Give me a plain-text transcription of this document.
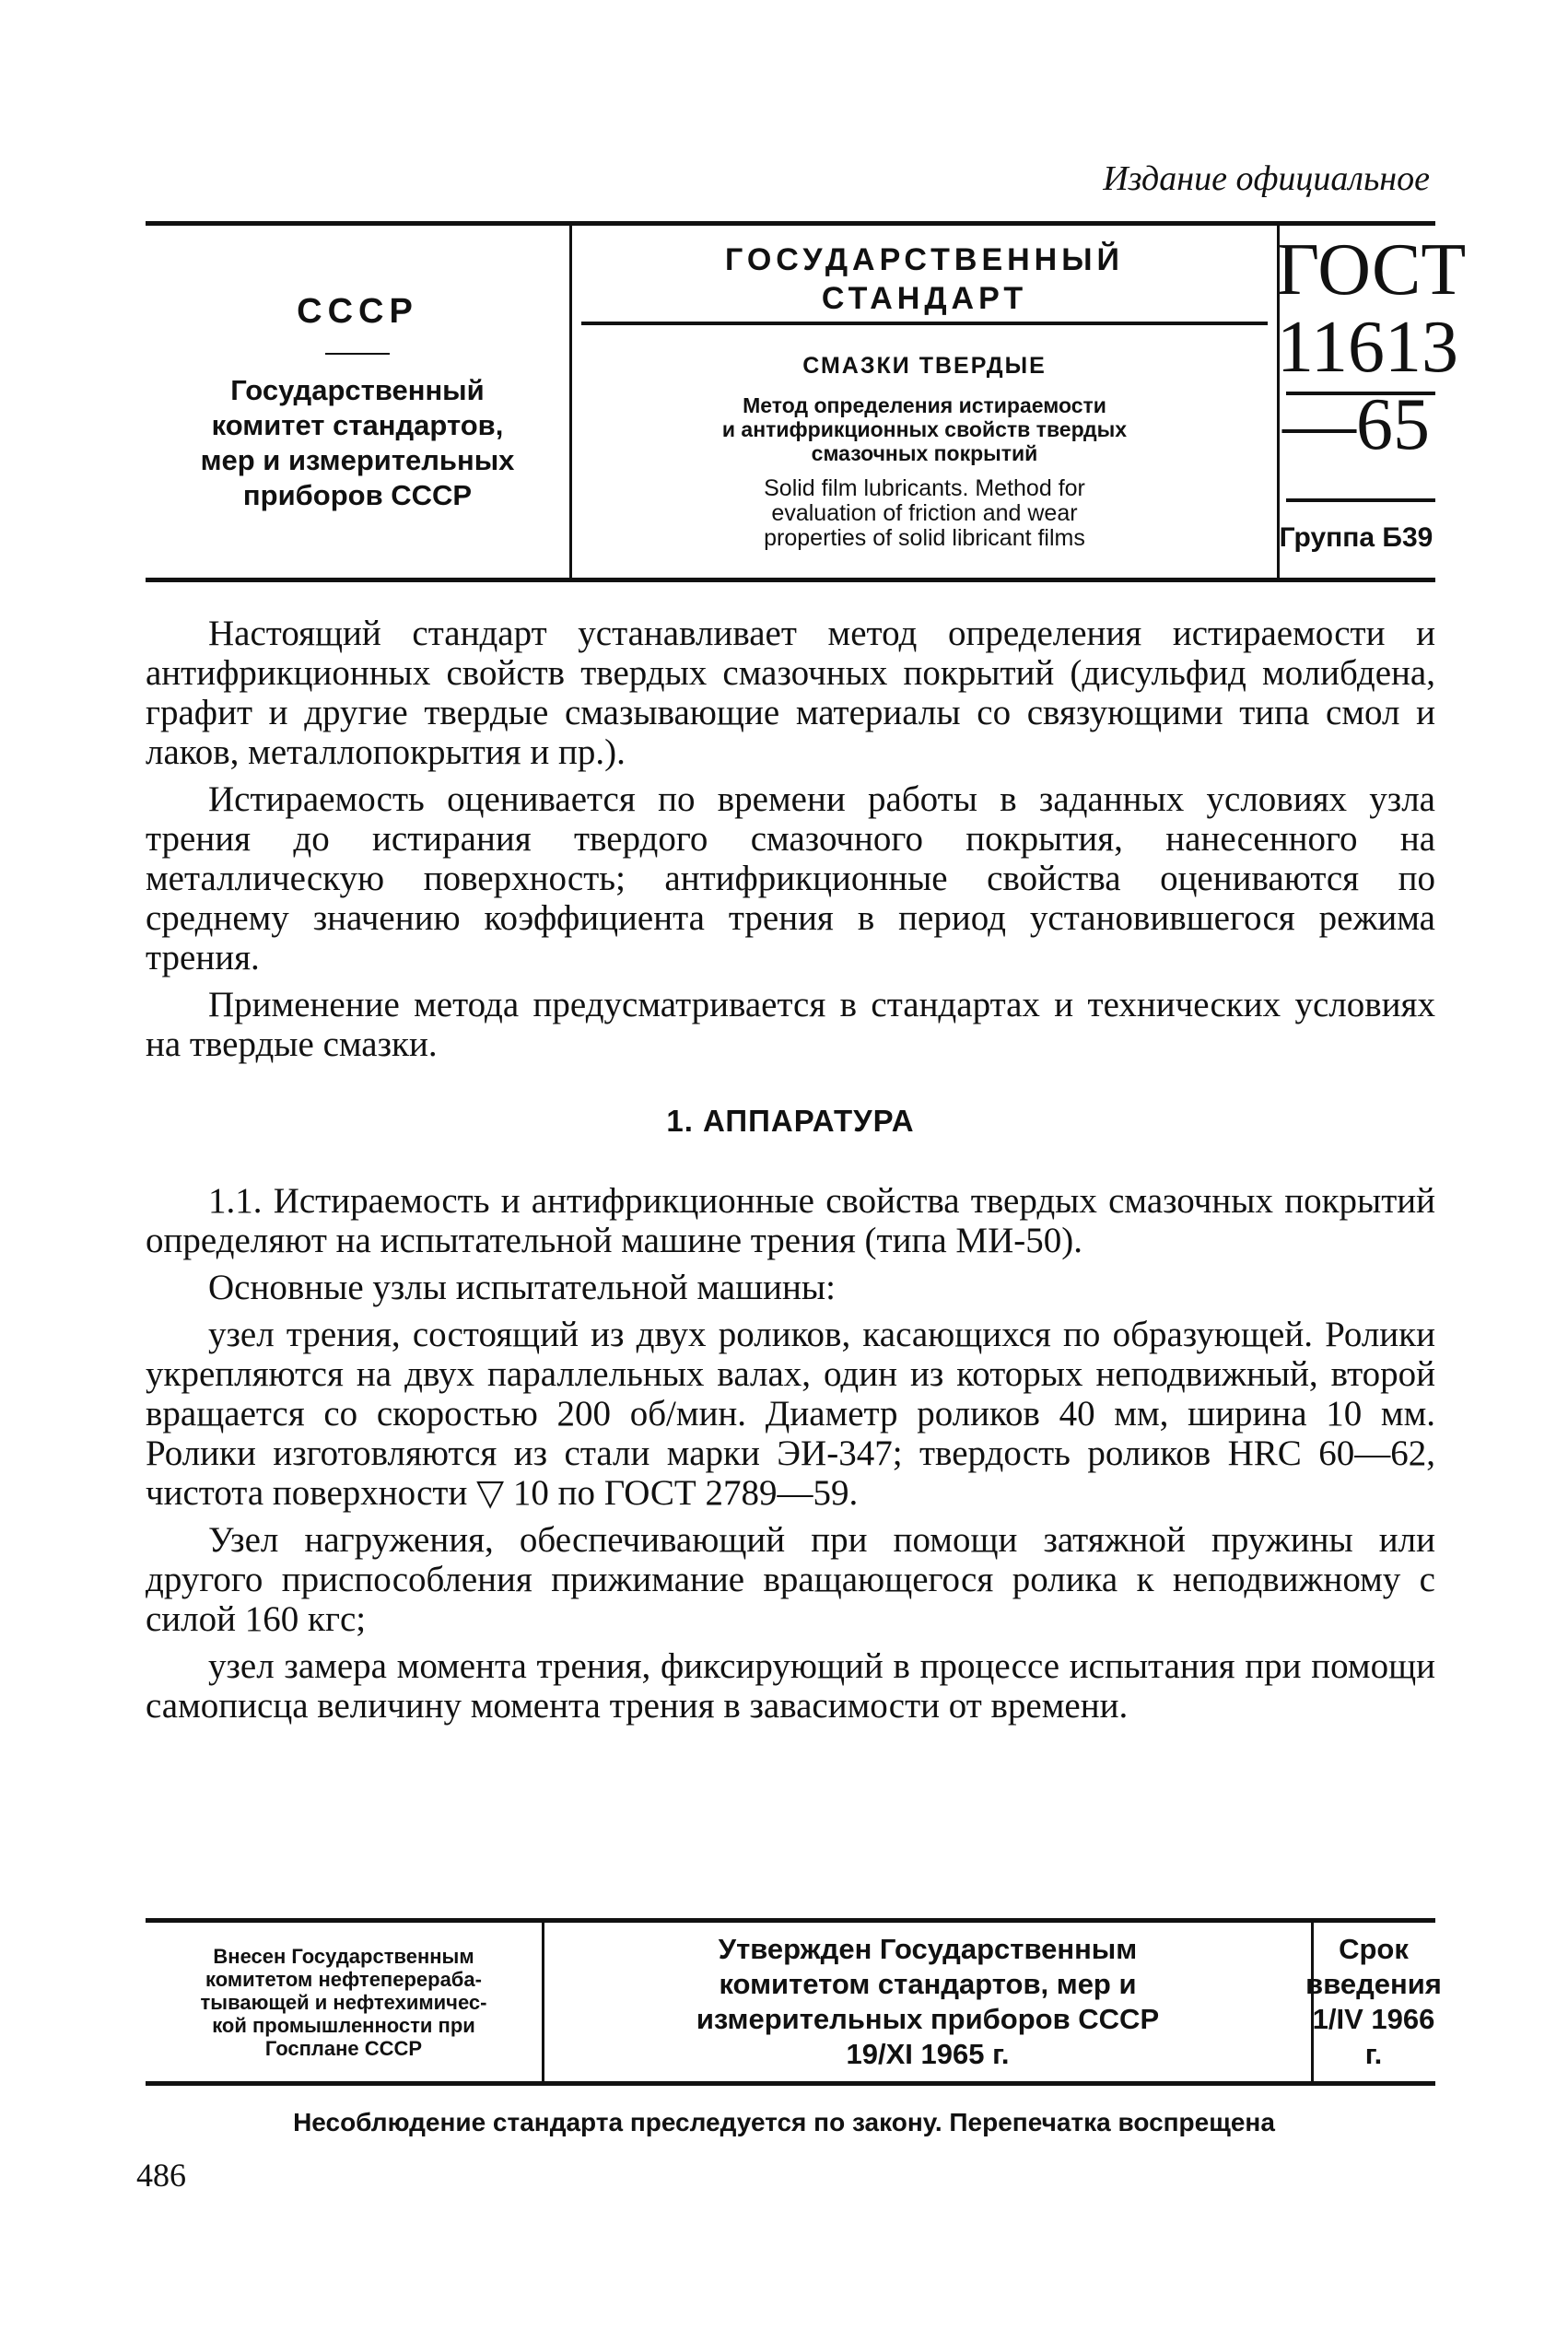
Издание официальное
СССР
Государственный
комитет стандартов,
мер и измерительных
приборов СССР
ГОСУДАРСТВЕННЫЙ
СТАНДАРТ
СМАЗКИ ТВЕРДЫЕ
Метод определения истираемости
и антифрикционных свойств твердых
смазочных покрытий
Solid film lubricants. Method for
evaluation of friction and wear
properties of solid libricant films
ГОСТ
11613—65
Группа Б39

Настоящий стандарт устанавливает метод определения истираемости и антифрикционных свойств твердых смазочных покрытий (дисульфид молибдена, графит и другие твердые смазывающие материалы со связующими типа смол и лаков, металлопокрытия и пр.).

Истираемость оценивается по времени работы в заданных условиях узла трения до истирания твердого смазочного покрытия, нанесенного на металлическую поверхность; антифрикционные свойства оцениваются по среднему значению коэффициента трения в период установившегося режима трения.

Применение метода предусматривается в стандартах и технических условиях на твердые смазки.

1. АППАРАТУРА

1.1. Истираемость и антифрикционные свойства твердых смазочных покрытий определяют на испытательной машине трения (типа МИ-50).

Основные узлы испытательной машины:

узел трения, состоящий из двух роликов, касающихся по образующей. Ролики укрепляются на двух параллельных валах, один из которых неподвижный, второй вращается со скоростью 200 об/мин. Диаметр роликов 40 мм, ширина 10 мм. Ролики изготовляются из стали марки ЭИ-347; твердость роликов HRC 60—62, чистота поверхности ▽ 10 по ГОСТ 2789—59.

Узел нагружения, обеспечивающий при помощи затяжной пружины или другого приспособления прижимание вращающегося ролика к неподвижному с силой 160 кгс;

узел замера момента трения, фиксирующий в процессе испытания при помощи самописца величину момента трения в завасимости от времени.

Внесен Государственным
комитетом нефтеперераба-
тывающей и нефтехимичес-
кой промышленности при
Госплане СССР
Утвержден Государственным
комитетом стандартов, мер и
измерительных приборов СССР
19/XI 1965 г.
Срок введения
1/IV 1966 г.
Несоблюдение стандарта преследуется по закону. Перепечатка воспрещена
486
